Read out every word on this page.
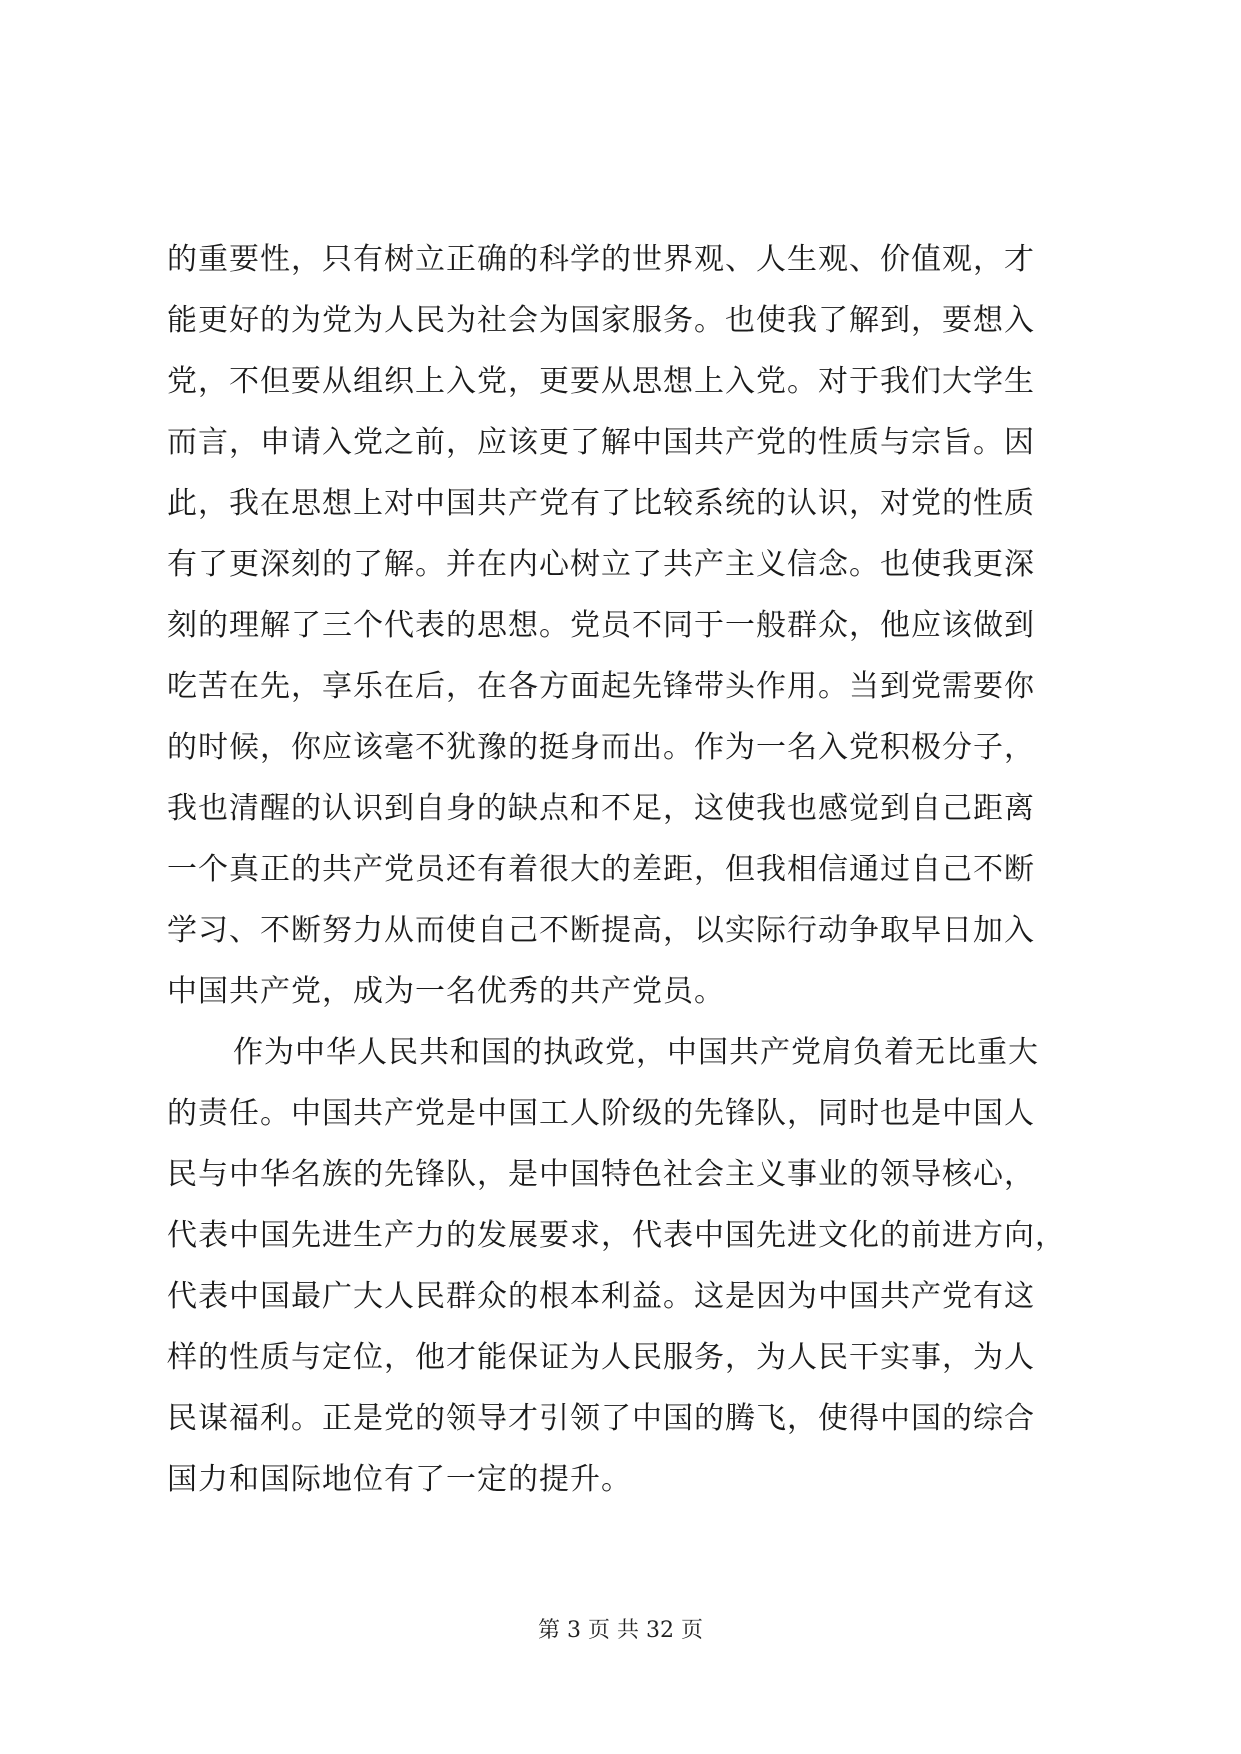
的重要性，只有树立正确的科学的世界观、人生观、价值观，才
能更好的为党为人民为社会为国家服务。也使我了解到，要想入
党，不但要从组织上入党，更要从思想上入党。对于我们大学生
而言，申请入党之前，应该更了解中国共产党的性质与宗旨。因
此，我在思想上对中国共产党有了比较系统的认识，对党的性质
有了更深刻的了解。并在内心树立了共产主义信念。也使我更深
刻的理解了三个代表的思想。党员不同于一般群众，他应该做到
吃苦在先，享乐在后，在各方面起先锋带头作用。当到党需要你
的时候，你应该毫不犹豫的挺身而出。作为一名入党积极分子，
我也清醒的认识到自身的缺点和不足，这使我也感觉到自己距离
一个真正的共产党员还有着很大的差距，但我相信通过自己不断
学习、不断努力从而使自己不断提高，以实际行动争取早日加入
中国共产党，成为一名优秀的共产党员。
作为中华人民共和国的执政党，中国共产党肩负着无比重大
的责任。中国共产党是中国工人阶级的先锋队，同时也是中国人
民与中华名族的先锋队，是中国特色社会主义事业的领导核心，
代表中国先进生产力的发展要求，代表中国先进文化的前进方向，
代表中国最广大人民群众的根本利益。这是因为中国共产党有这
样的性质与定位，他才能保证为人民服务，为人民干实事，为人
民谋福利。正是党的领导才引领了中国的腾飞，使得中国的综合
国力和国际地位有了一定的提升。
第 3 页 共 32 页
